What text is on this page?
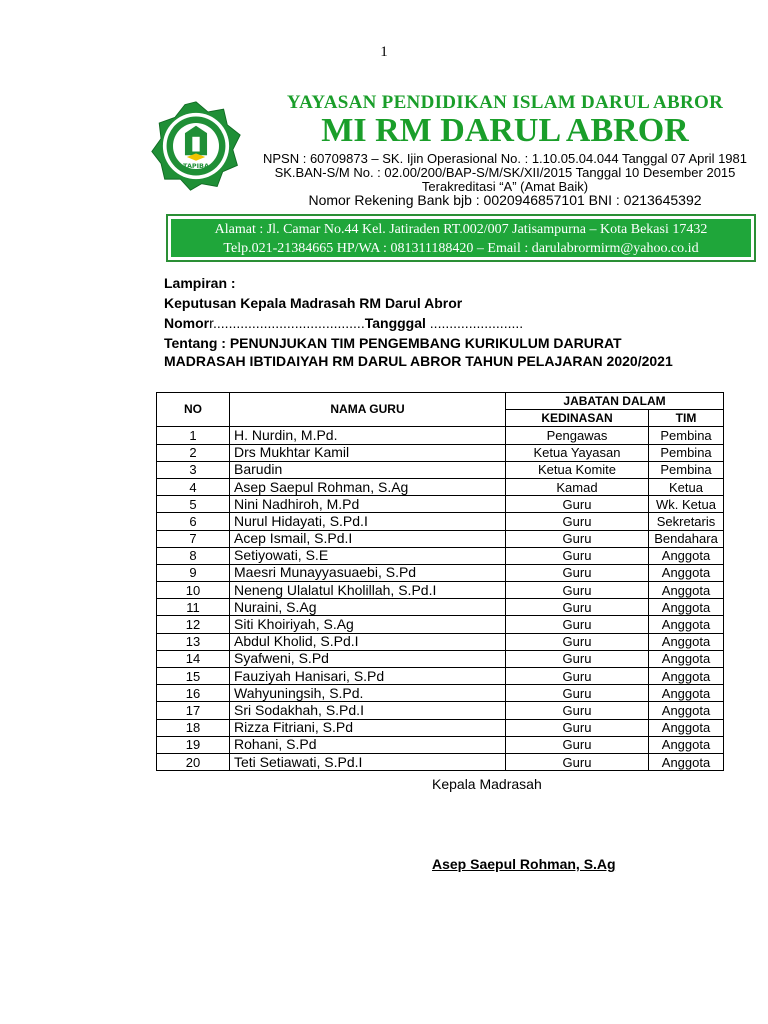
1
TAPIBA
YAYASAN PENDIDIKAN ISLAM DARUL ABROR
MI RM DARUL ABROR
NPSN : 60709873 – SK. Ijin Operasional No. : 1.10.05.04.044 Tanggal 07 April 1981
SK.BAN-S/M No. : 02.00/200/BAP-S/M/SK/XII/2015 Tanggal 10 Desember 2015
Terakreditasi “A” (Amat Baik)
Nomor Rekening Bank bjb : 0020946857101 BNI : 0213645392
Alamat : Jl. Camar No.44 Kel. Jatiraden RT.002/007 Jatisampurna – Kota Bekasi 17432
Telp.021-21384665 HP/WA : 081311188420 – Email : darulabrormirm@yahoo.co.id
Lampiran :
Keputusan Kepala Madrasah RM Darul Abror
Nomorr.......................................Tangggal ........................
Tentang : PENUNJUKAN TIM PENGEMBANG KURIKULUM DARURAT MADRASAH IBTIDAIYAH RM DARUL ABROR TAHUN PELAJARAN 2020/2021
NO	NAMA GURU	JABATAN DALAM	
		KEDINASAN	TIM
1	H. Nurdin, M.Pd.	Pengawas	Pembina
2	Drs Mukhtar Kamil	Ketua Yayasan	Pembina
3	Barudin	Ketua Komite	Pembina
4	Asep Saepul Rohman, S.Ag	Kamad	Ketua
5	Nini Nadhiroh, M.Pd	Guru	Wk. Ketua
6	Nurul Hidayati, S.Pd.I	Guru	Sekretaris
7	Acep Ismail, S.Pd.I	Guru	Bendahara
8	Setiyowati, S.E	Guru	Anggota
9	Maesri Munayyasuaebi, S.Pd	Guru	Anggota
10	Neneng Ulalatul Kholillah, S.Pd.I	Guru	Anggota
11	Nuraini, S.Ag	Guru	Anggota
12	Siti Khoiriyah, S.Ag	Guru	Anggota
13	Abdul Kholid, S.Pd.I	Guru	Anggota
14	Syafweni, S.Pd	Guru	Anggota
15	Fauziyah Hanisari, S.Pd	Guru	Anggota
16	Wahyuningsih, S.Pd.	Guru	Anggota
17	Sri Sodakhah, S.Pd.I	Guru	Anggota
18	Rizza Fitriani, S.Pd	Guru	Anggota
19	Rohani, S.Pd	Guru	Anggota
20	Teti Setiawati, S.Pd.I	Guru	Anggota
Kepala Madrasah
Asep Saepul Rohman, S.Ag
